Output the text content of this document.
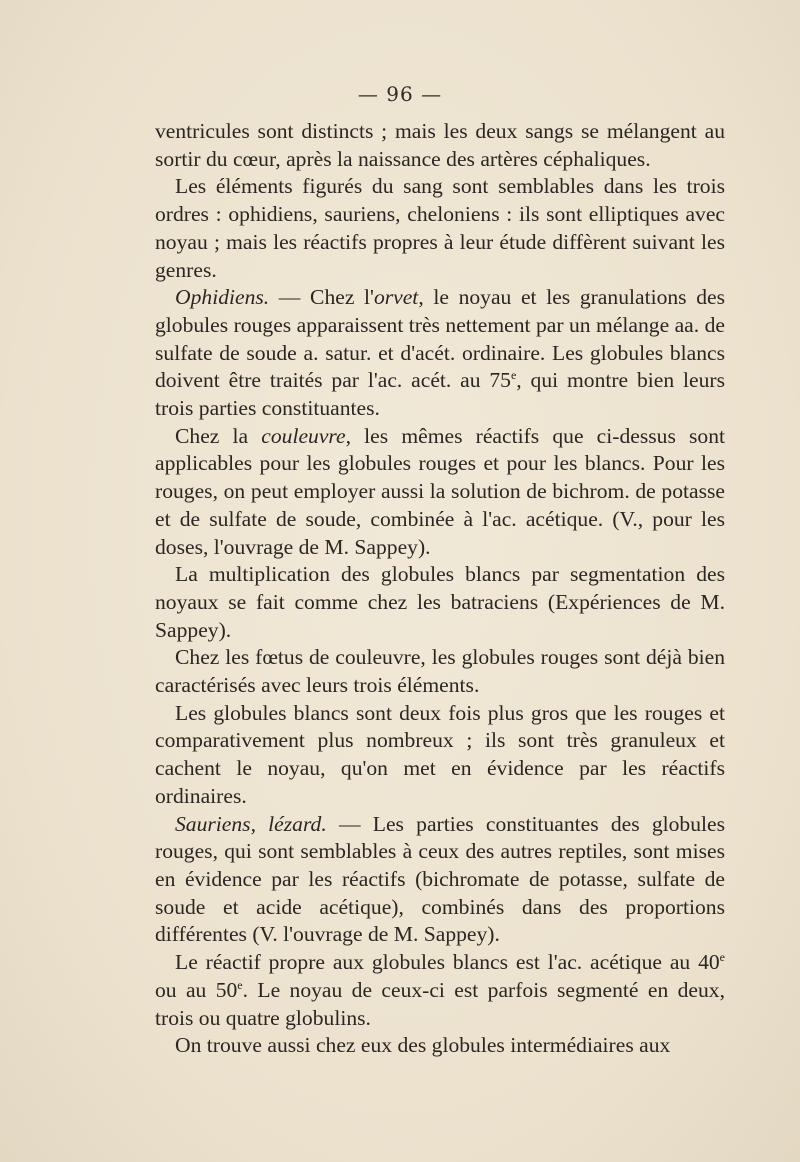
— 96 —

ventricules sont distincts ; mais les deux sangs se mélangent au sortir du cœur, après la naissance des artères céphaliques.

Les éléments figurés du sang sont semblables dans les trois ordres : ophidiens, sauriens, cheloniens : ils sont elliptiques avec noyau ; mais les réactifs propres à leur étude diffèrent suivant les genres.

Ophidiens. — Chez l'orvet, le noyau et les granulations des globules rouges apparaissent très nettement par un mélange aa. de sulfate de soude a. satur. et d'acét. ordinaire. Les globules blancs doivent être traités par l'ac. acét. au 75e, qui montre bien leurs trois parties constituantes.

Chez la couleuvre, les mêmes réactifs que ci-dessus sont applicables pour les globules rouges et pour les blancs. Pour les rouges, on peut employer aussi la solution de bichrom. de potasse et de sulfate de soude, combinée à l'ac. acétique. (V., pour les doses, l'ouvrage de M. Sappey).

La multiplication des globules blancs par segmentation des noyaux se fait comme chez les batraciens (Expériences de M. Sappey).

Chez les fœtus de couleuvre, les globules rouges sont déjà bien caractérisés avec leurs trois éléments.

Les globules blancs sont deux fois plus gros que les rouges et comparativement plus nombreux ; ils sont très granuleux et cachent le noyau, qu'on met en évidence par les réactifs ordinaires.

Sauriens, lézard. — Les parties constituantes des globules rouges, qui sont semblables à ceux des autres reptiles, sont mises en évidence par les réactifs (bichromate de potasse, sulfate de soude et acide acétique), combinés dans des proportions différentes (V. l'ouvrage de M. Sappey).

Le réactif propre aux globules blancs est l'ac. acétique au 40e ou au 50e. Le noyau de ceux-ci est parfois segmenté en deux, trois ou quatre globulins.

On trouve aussi chez eux des globules intermédiaires aux
